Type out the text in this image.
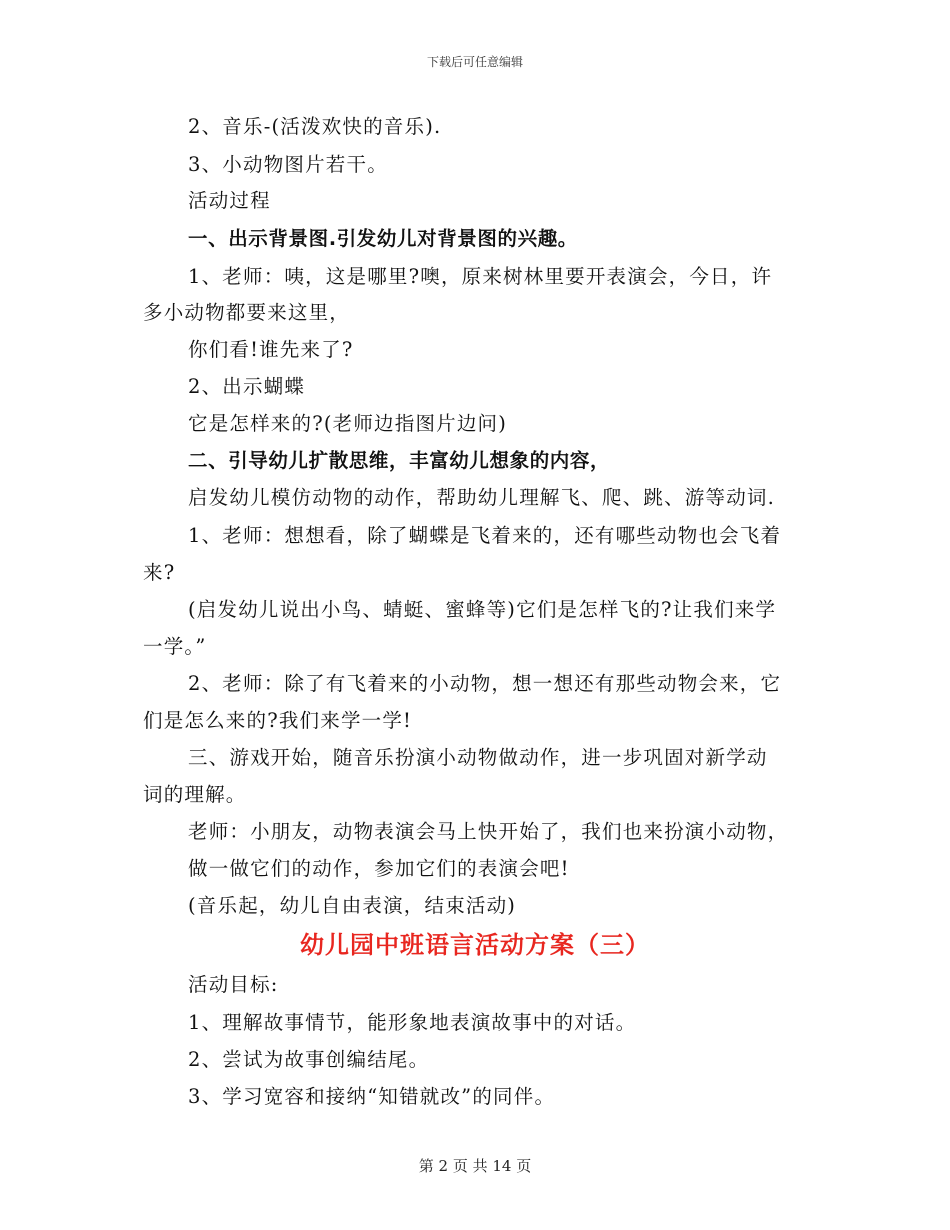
下载后可任意编辑
2、音乐-(活泼欢快的音乐).
3、小动物图片若干。
活动过程
一、出示背景图.引发幼儿对背景图的兴趣。
1、老师：咦，这是哪里?噢，原来树林里要开表演会，今日，许
多小动物都要来这里，
你们看!谁先来了?
2、出示蝴蝶
它是怎样来的?(老师边指图片边问)
二、引导幼儿扩散思维，丰富幼儿想象的内容，
启发幼儿模仿动物的动作，帮助幼儿理解飞、爬、跳、游等动词.
1、老师：想想看，除了蝴蝶是飞着来的，还有哪些动物也会飞着
来?
(启发幼儿说出小鸟、蜻蜓、蜜蜂等)它们是怎样飞的?让我们来学
一学。”
2、老师：除了有飞着来的小动物，想一想还有那些动物会来，它
们是怎么来的?我们来学一学!
三、游戏开始，随音乐扮演小动物做动作，进一步巩固对新学动
词的理解。
老师：小朋友，动物表演会马上快开始了，我们也来扮演小动物，
做一做它们的动作，参加它们的表演会吧!
(音乐起，幼儿自由表演，结束活动)
幼儿园中班语言活动方案（三）
活动目标:
1、理解故事情节，能形象地表演故事中的对话。
2、尝试为故事创编结尾。
3、学习宽容和接纳“知错就改”的同伴。
第 2 页 共 14 页
